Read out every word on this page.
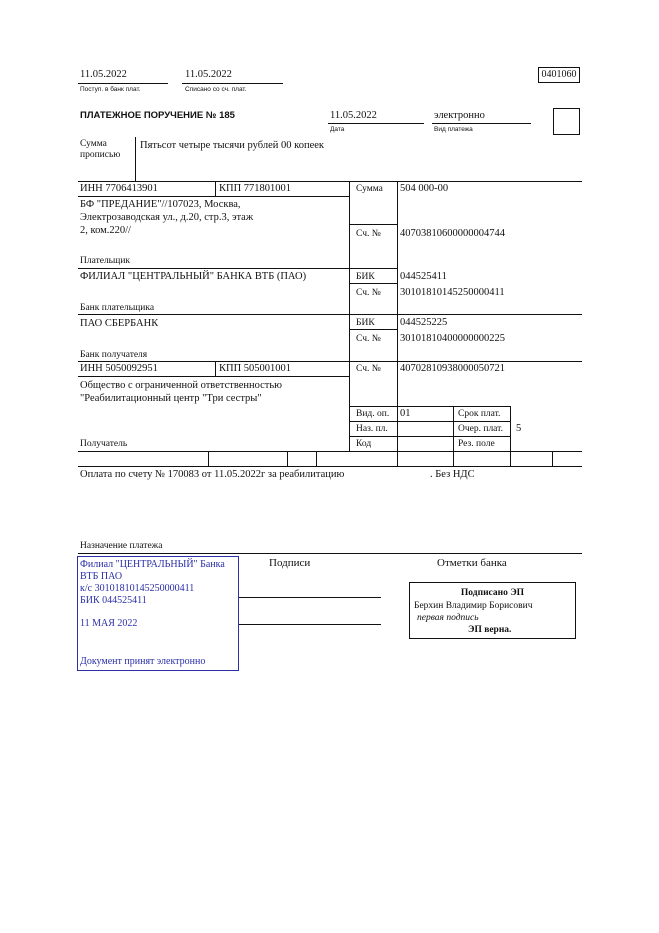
11.05.2022
Поступ. в банк плат.
11.05.2022
Списано со сч. плат.
0401060
ПЛАТЕЖНОЕ ПОРУЧЕНИЕ № 185	11.05.2022
Дата
электронно
Вид платежа
Сумма
прописью
Пятьсот четыре тысячи рублей 00 копеек
ИНН 7706413901	КПП 771801001
БФ "ПРЕДАНИЕ"//107023, Москва,
Электрозаводская ул., д.20, стр.3, этаж
2, ком.220//
Плательщик
Сумма 504 000-00
Сч. № 40703810600000004744
ФИЛИАЛ "ЦЕНТРАЛЬНЫЙ" БАНКА ВТБ (ПАО)
Банк плательщика
БИК 044525411
Сч. № 30101810145250000411
ПАО СБЕРБАНК
Банк получателя
БИК 044525225
Сч. № 30101810400000000225
ИНН 5050092951	КПП 505001001
Общество с ограниченной ответственностью
"Реабилитационный центр "Три сестры"
Получатель
Сч. № 40702810938000050721
Вид. оп. 01
Наз. пл.
Код
Срок плат.
Очер. плат. 5
Рез. поле
Оплата по счету № 170083 от 11.05.2022г за реабилитацию	. Без НДС
Назначение платежа
Подписи	Отметки банка
Филиал "ЦЕНТРАЛЬНЫЙ" Банка
ВТБ ПАО
к/с 30101810145250000411
БИК 044525411
11 МАЯ 2022
Документ принят электронно
Подписано ЭП
Берхин Владимир Борисович
первая подпись
ЭП верна.
